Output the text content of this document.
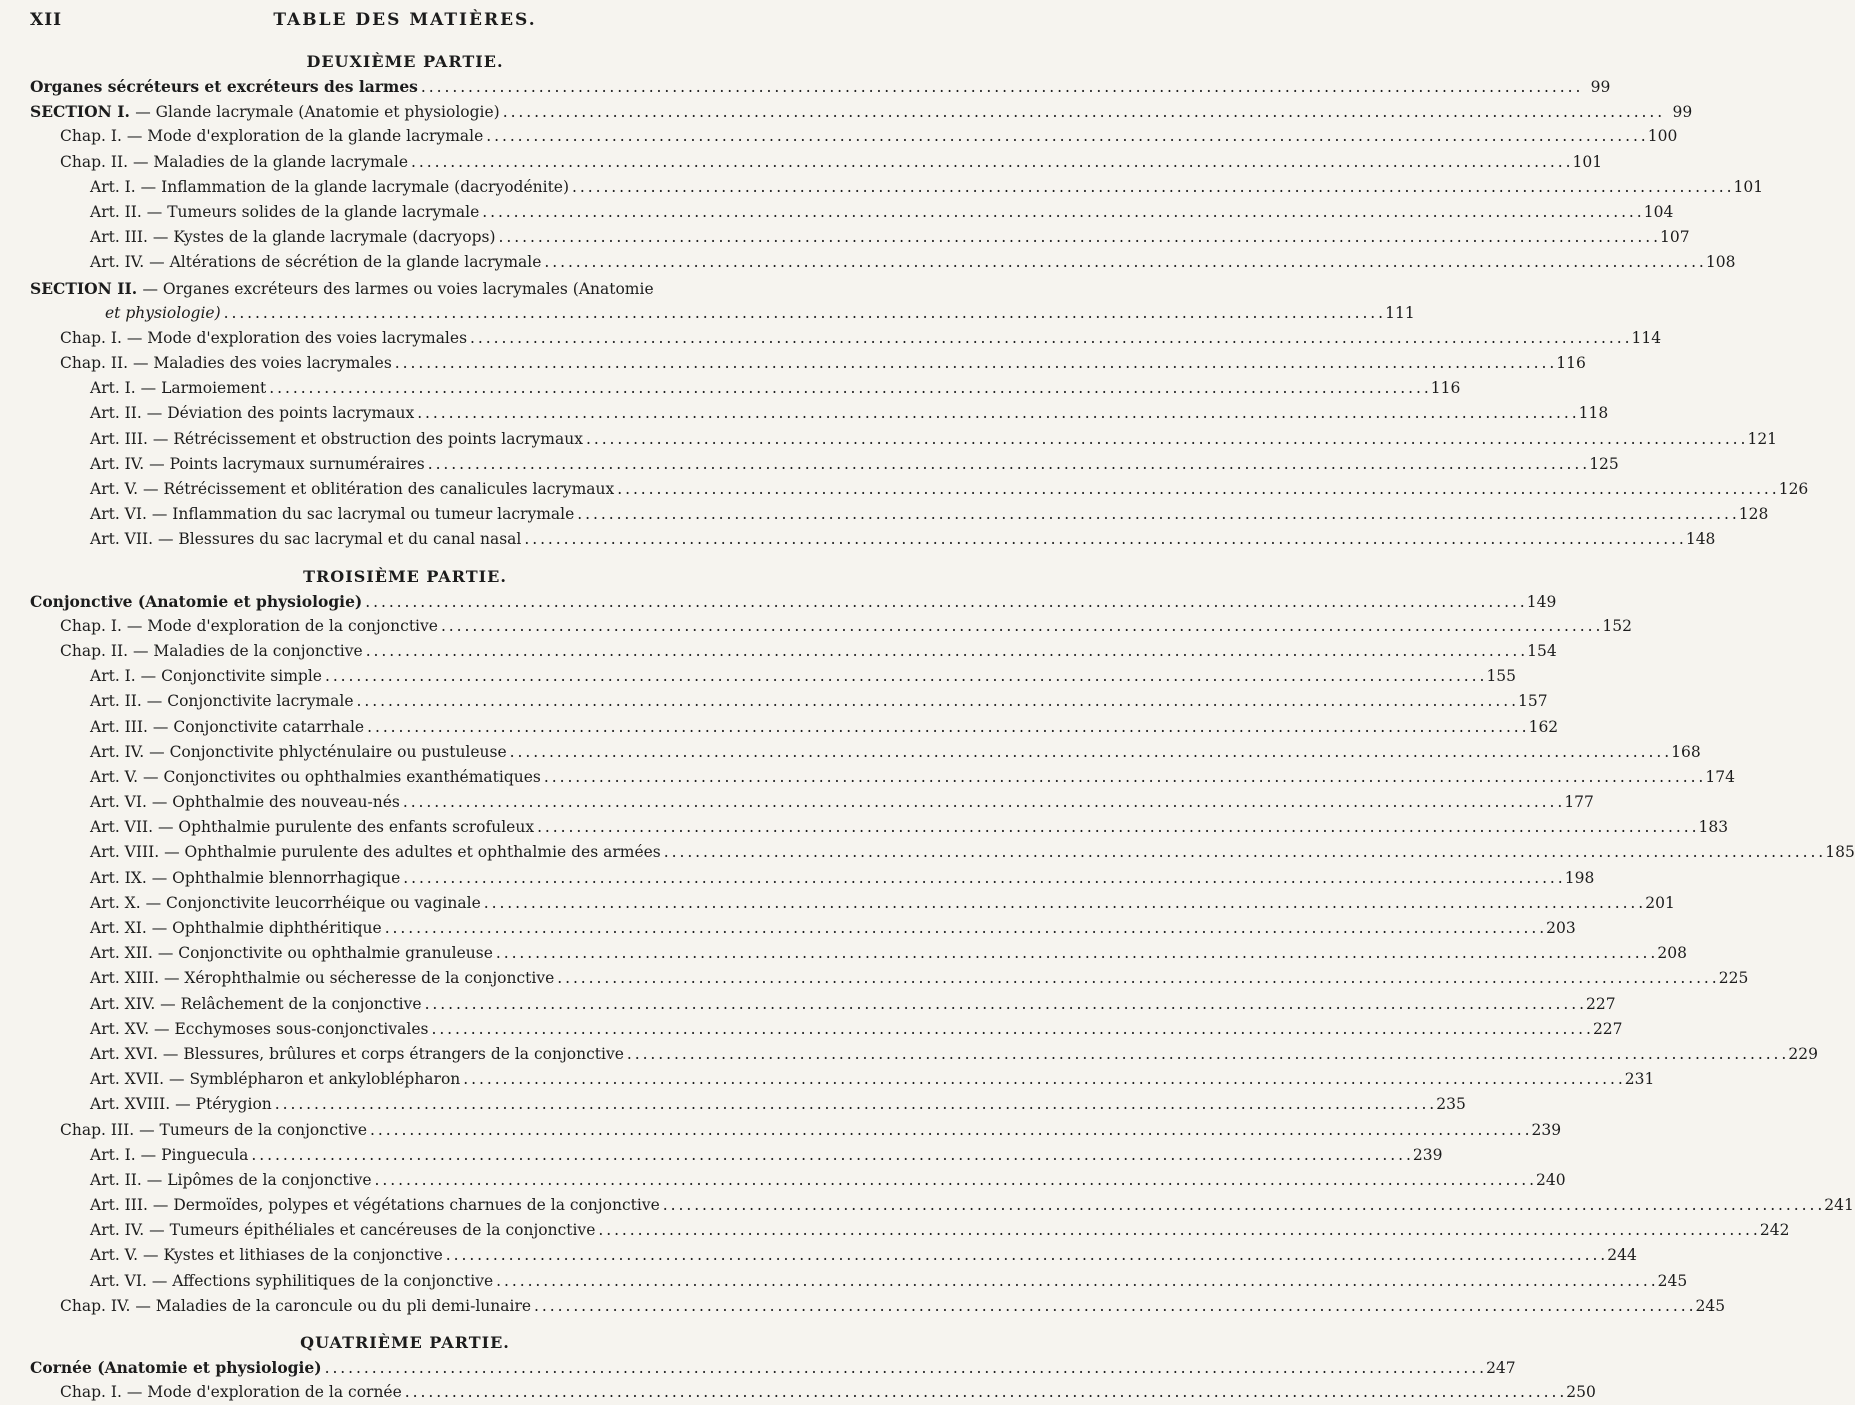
XII	TABLE DES MATIÈRES.
DEUXIÈME PARTIE.
Organes sécréteurs et excréteurs des larmes . . .	99
SECTION I. — Glande lacrymale (Anatomie et physiologie) . . .	99
Chap. I. — Mode d'exploration de la glande lacrymale . . .	100
Chap. II. — Maladies de la glande lacrymale . . .	101
Art. I. — Inflammation de la glande lacrymale (dacryodénite) . . .	101
Art. II. — Tumeurs solides de la glande lacrymale . . .	104
Art. III. — Kystes de la glande lacrymale (dacryops) . . .	107
Art. IV. — Altérations de sécrétion de la glande lacrymale . . .	108
SECTION II. — Organes excréteurs des larmes ou voies lacrymales (Anatomie
et physiologie) . . .	111
Chap. I. — Mode d'exploration des voies lacrymales . . .	114
Chap. II. — Maladies des voies lacrymales . . .	116
Art. I. — Larmoiement . . .	116
Art. II. — Déviation des points lacrymaux . . .	118
Art. III. — Rétrécissement et obstruction des points lacrymaux . . .	121
Art. IV. — Points lacrymaux surnuméraires . . .	125
Art. V. — Rétrécissement et oblitération des canalicules lacrymaux . . .	126
Art. VI. — Inflammation du sac lacrymal ou tumeur lacrymale . . .	128
Art. VII. — Blessures du sac lacrymal et du canal nasal . . .	148
TROISIÈME PARTIE.
Conjonctive (Anatomie et physiologie) . . .	149
Chap. I. — Mode d'exploration de la conjonctive . . .	152
Chap. II. — Maladies de la conjonctive . . .	154
Art. I. — Conjonctivite simple . . .	155
Art. II. — Conjonctivite lacrymale . . .	157
Art. III. — Conjonctivite catarrhale . . .	162
Art. IV. — Conjonctivite phlycténulaire ou pustuleuse . . .	168
Art. V. — Conjonctivites ou ophthalmies exanthématiques . . .	174
Art. VI. — Ophthalmie des nouveau-nés . . .	177
Art. VII. — Ophthalmie purulente des enfants scrofuleux . . .	183
Art. VIII. — Ophthalmie purulente des adultes et ophthalmie des armées . . .	185
Art. IX. — Ophthalmie blennorrhagique . . .	198
Art. X. — Conjonctivite leucorrhéique ou vaginale . . .	201
Art. XI. — Ophthalmie diphthéritique . . .	203
Art. XII. — Conjonctivite ou ophthalmie granuleuse . . .	208
Art. XIII. — Xérophthalmie ou sécheresse de la conjonctive . . .	225
Art. XIV. — Relâchement de la conjonctive . . .	227
Art. XV. — Ecchymoses sous-conjonctivales . . .	227
Art. XVI. — Blessures, brûlures et corps étrangers de la conjonctive . . .	229
Art. XVII. — Symblépharon et ankyloblépharon . . .	231
Art. XVIII. — Ptérygion . . .	235
Chap. III. — Tumeurs de la conjonctive . . .	239
Art. I. — Pinguecula . . .	239
Art. II. — Lipômes de la conjonctive . . .	240
Art. III. — Dermoïdes, polypes et végétations charnues de la conjonctive . . .	241
Art. IV. — Tumeurs épithéliales et cancéreuses de la conjonctive . . .	242
Art. V. — Kystes et lithiases de la conjonctive . . .	244
Art. VI. — Affections syphilitiques de la conjonctive . . .	245
Chap. IV. — Maladies de la caroncule ou du pli demi-lunaire . . .	245
QUATRIÈME PARTIE.
Cornée (Anatomie et physiologie) . . .	247
Chap. I. — Mode d'exploration de la cornée . . .	250
